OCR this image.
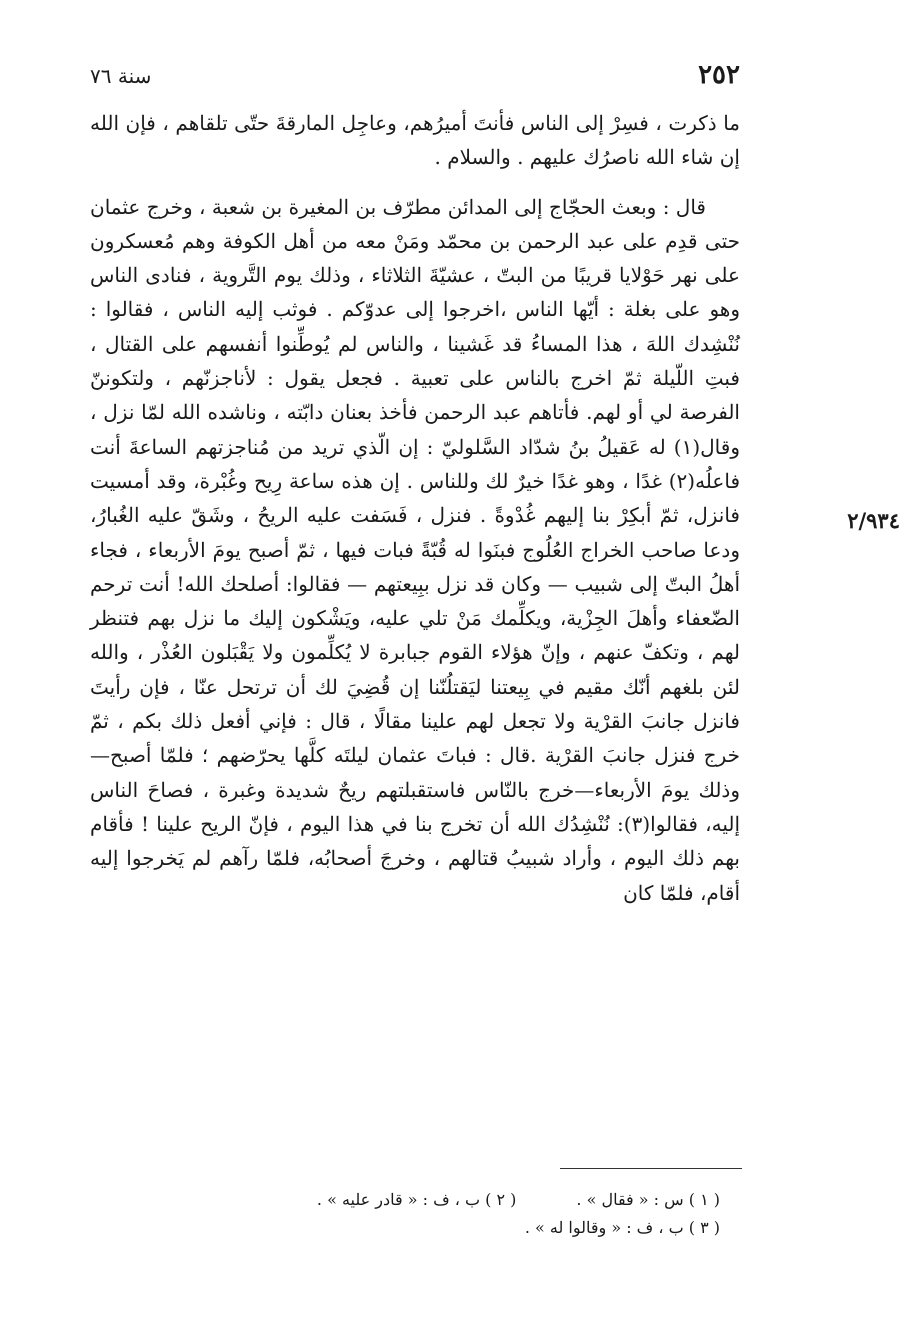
٢٥٢
سنة ٧٦

ما ذكرت ، فسِرْ إلى الناس فأنتَ أميرُهم، وعاجِل المارقةَ حتّى تلقاهم ، فإن الله إن شاء الله ناصرُك عليهم . والسلام .

قال : وبعث الحجّاج إلى المدائن مطرّف بن المغيرة بن شعبة ، وخرج عثمان حتى قدِم على عبد الرحمن بن محمّد ومَنْ معه من أهل الكوفة وهم مُعسكرون على نهر حَوْلايا قريبًا من البتّ ، عشيّةَ الثلاثاء ، وذلك يوم التَّروية ، فنادى الناس وهو على بغلة : أيّها الناس ،اخرجوا إلى عدوّكم . فوثب إليه الناس ، فقالوا : نُنْشِدك اللهَ ، هذا المساءُ قد غَشينا ، والناس لم يُوطِّنوا أنفسهم على القتال ، فبتِ اللّيلة ثمّ اخرج بالناس على تعبية . فجعل يقول : لأناجزنّهم ، ولتكوننّ الفرصة لي أو لهم. فأتاهم عبد الرحمن فأخذ بعنان دابّته ، وناشده الله لمّا نزل ، وقال(١) له عَقيلُ بنُ شدّاد السَّلوليّ : إن الّذي تريد من مُناجزتهم الساعةَ أنت فاعلُه(٢) غدًا ، وهو غدًا خيرٌ لك وللناس . إن هذه ساعة رِيح وغُبْرة، وقد أمسيت فانزل، ثمّ أبكِرْ بنا إليهم غُدْوةً . فنزل ، فَسَفت عليه الريحُ ، وشَقّ عليه الغُبارُ، ودعا صاحب الخراج العُلُوج فبنَوا له قُبّةً فبات فيها ، ثمّ أصبح يومَ الأربعاء ، فجاء أهلُ البتّ إلى شبيب — وكان قد نزل ببِيعتهم — فقالوا: أصلحك الله! أنت ترحم الضّعفاء وأهلَ الجِزْية، ويكلِّمك مَنْ تلي عليه، ويَشْكون إليك ما نزل بهم فتنظر لهم ، وتكفّ عنهم ، وإنّ هؤلاء القوم جبابرة لا يُكلِّمون ولا يَقْبَلون العُذْر ، والله لئن بلغهم أنّك مقيم في بِيعتنا ليَقتلُنّنا إن قُضِيَ لك أن ترتحل عنّا ، فإن رأيتَ فانزل جانبَ القرْية ولا تجعل لهم علينا مقالًا ، قال : فإني أفعل ذلك بكم ، ثمّ خرج فنزل جانبَ القرْية .قال : فباتَ عثمان ليلتَه كلَّها يحرّضهم ؛ فلمّا أصبح—وذلك يومَ الأربعاء—خرج بالنّاس فاستقبلتهم ريحٌ شديدة وغبرة ، فصاحَ الناس إليه، فقالوا(٣): نُنْشِدُك الله أن تخرج بنا في هذا اليوم ، فإنّ الريح علينا ! فأقام بهم ذلك اليوم ، وأراد شبيبُ قتالهم ، وخرجَ أصحابُه، فلمّا رآهم لم يَخرجوا إليه أقام، فلمّا كان

٢/٩٣٤
( ١ ) س : « فقال » .
( ٢ ) ب ، ف : « قادر عليه » .
( ٣ ) ب ، ف : « وقالوا له » .
